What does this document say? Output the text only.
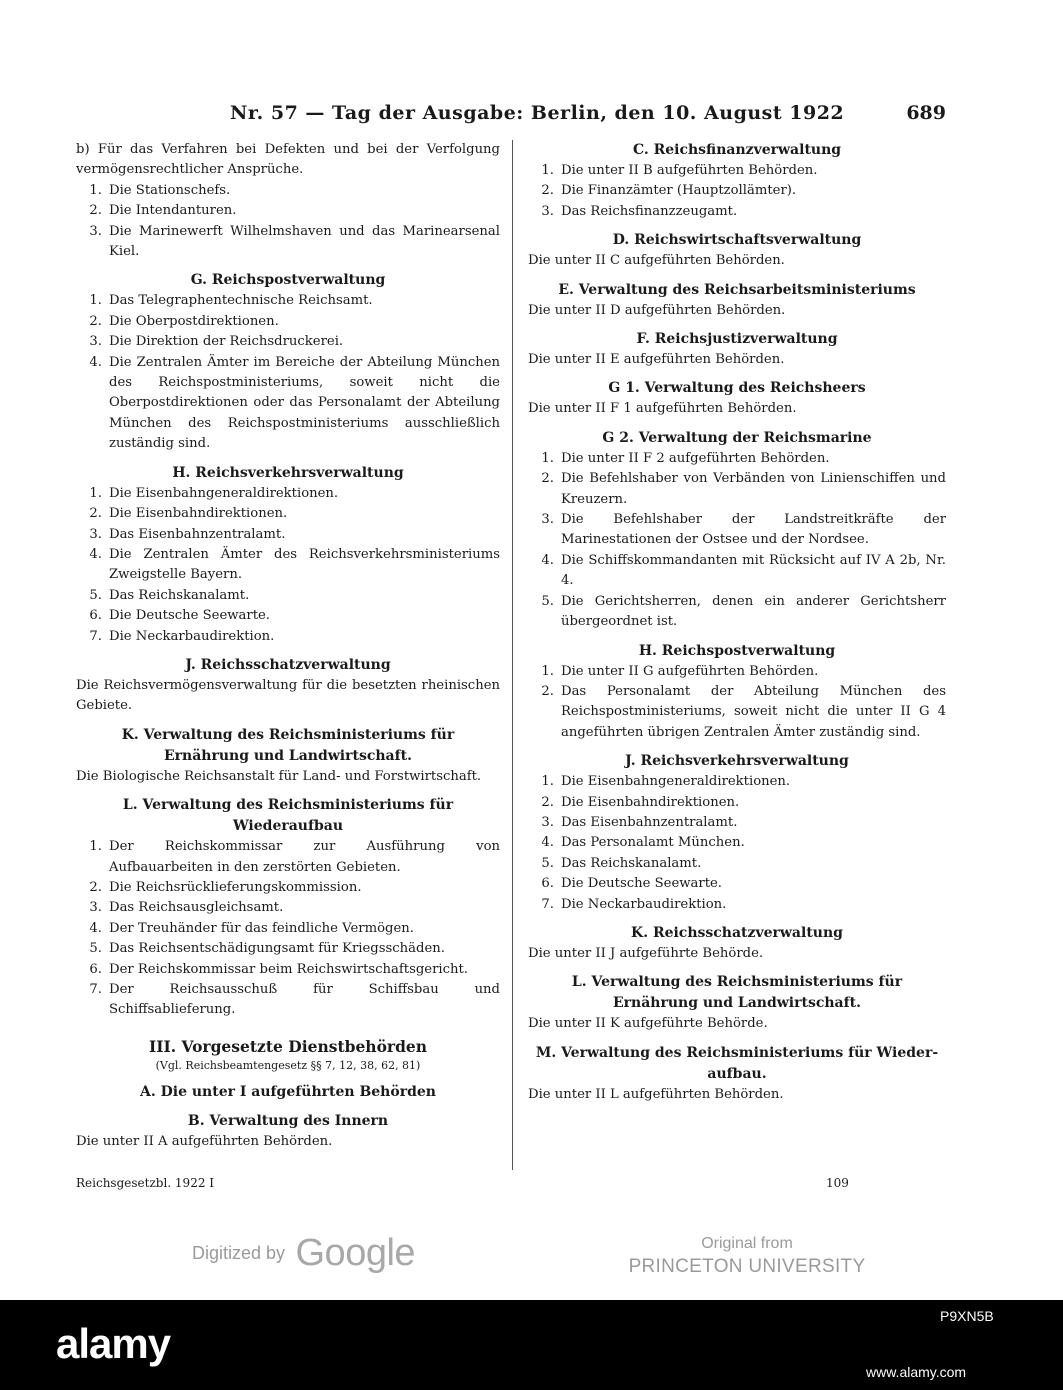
Nr. 57 — Tag der Ausgabe: Berlin, den 10. August 1922	689
b) Für das Verfahren bei Defekten und bei der Verfolgung vermögensrechtlicher Ansprüche.
1. Die Stationschefs.
2. Die Intendanturen.
3. Die Marinewerft Wilhelmshaven und das Marinearsenal Kiel.
G. Reichspostverwaltung
1. Das Telegraphentechnische Reichsamt.
2. Die Oberpostdirektionen.
3. Die Direktion der Reichsdruckerei.
4. Die Zentralen Ämter im Bereiche der Abteilung München des Reichspostministeriums, soweit nicht die Oberpostdirektionen oder das Personalamt der Abteilung München des Reichspostministeriums ausschließlich zuständig sind.
H. Reichsverkehrsverwaltung
1. Die Eisenbahngeneraldirektionen.
2. Die Eisenbahndirektionen.
3. Das Eisenbahnzentralamt.
4. Die Zentralen Ämter des Reichsverkehrsministeriums Zweigstelle Bayern.
5. Das Reichskanalamt.
6. Die Deutsche Seewarte.
7. Die Neckarbaudirektion.
J. Reichsschatzverwaltung
Die Reichsvermögensverwaltung für die besetzten rheinischen Gebiete.
K. Verwaltung des Reichsministeriums für
Ernährung und Landwirtschaft.
Die Biologische Reichsanstalt für Land- und Forstwirtschaft.
L. Verwaltung des Reichsministeriums für
Wiederaufbau
1. Der Reichskommissar zur Ausführung von Aufbauarbeiten in den zerstörten Gebieten.
2. Die Reichsrücklieferungskommission.
3. Das Reichsausgleichsamt.
4. Der Treuhänder für das feindliche Vermögen.
5. Das Reichsentschädigungsamt für Kriegsschäden.
6. Der Reichskommissar beim Reichswirtschaftsgericht.
7. Der Reichsausschuß für Schiffsbau und Schiffsablieferung.
III. Vorgesetzte Dienstbehörden
(Vgl. Reichsbeamtengesetz §§ 7, 12, 38, 62, 81)
A. Die unter I aufgeführten Behörden
B. Verwaltung des Innern
Die unter II A aufgeführten Behörden.
C. Reichsfinanzverwaltung
1. Die unter II B aufgeführten Behörden.
2. Die Finanzämter (Hauptzollämter).
3. Das Reichsfinanzzeugamt.
D. Reichswirtschaftsverwaltung
Die unter II C aufgeführten Behörden.
E. Verwaltung des Reichsarbeitsministeriums
Die unter II D aufgeführten Behörden.
F. Reichsjustizverwaltung
Die unter II E aufgeführten Behörden.
G 1. Verwaltung des Reichsheers
Die unter II F 1 aufgeführten Behörden.
G 2. Verwaltung der Reichsmarine
1. Die unter II F 2 aufgeführten Behörden.
2. Die Befehlshaber von Verbänden von Linienschiffen und Kreuzern.
3. Die Befehlshaber der Landstreitkräfte der Marinestationen der Ostsee und der Nordsee.
4. Die Schiffskommandanten mit Rücksicht auf IV A 2b, Nr. 4.
5. Die Gerichtsherren, denen ein anderer Gerichtsherr übergeordnet ist.
H. Reichspostverwaltung
1. Die unter II G aufgeführten Behörden.
2. Das Personalamt der Abteilung München des Reichspostministeriums, soweit nicht die unter II G 4 angeführten übrigen Zentralen Ämter zuständig sind.
J. Reichsverkehrsverwaltung
1. Die Eisenbahngeneraldirektionen.
2. Die Eisenbahndirektionen.
3. Das Eisenbahnzentralamt.
4. Das Personalamt München.
5. Das Reichskanalamt.
6. Die Deutsche Seewarte.
7. Die Neckarbaudirektion.
K. Reichsschatzverwaltung
Die unter II J aufgeführte Behörde.
L. Verwaltung des Reichsministeriums für
Ernährung und Landwirtschaft.
Die unter II K aufgeführte Behörde.
M. Verwaltung des Reichsministeriums für Wieder-
aufbau.
Die unter II L aufgeführten Behörden.
Reichsgesetzbl. 1922 I	109
Digitized by Google	Original from
PRINCETON UNIVERSITY
alamy
P9XN5B
www.alamy.com
